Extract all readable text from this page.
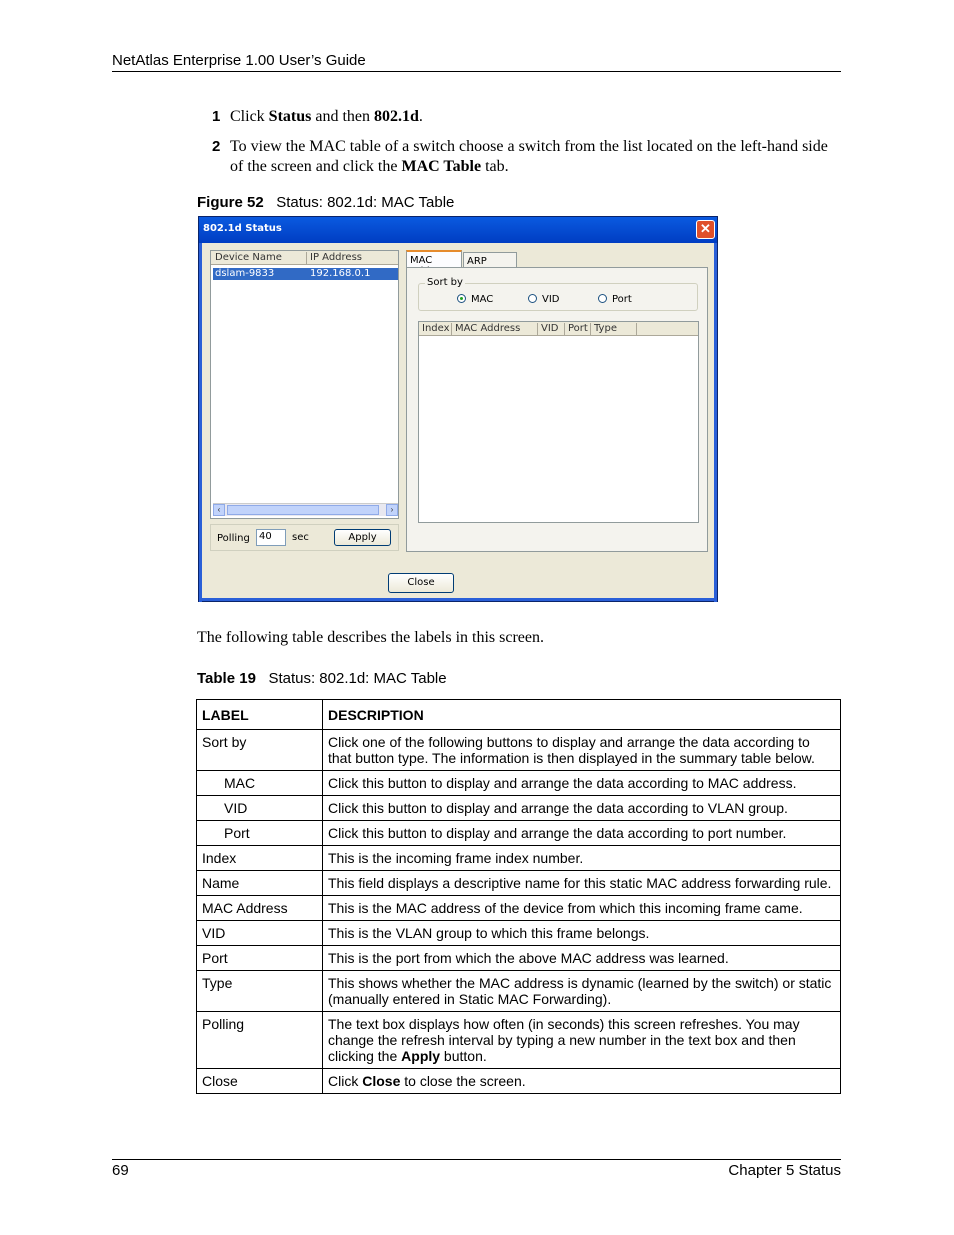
NetAtlas Enterprise 1.00 User’s Guide
1 Click Status and then 802.1d.
2 To view the MAC table of a switch choose a switch from the list located on the left-hand side of the screen and click the MAC Table tab.
Figure 52 Status: 802.1d: MAC Table
802.1d Status	✕
Device Name	IP Address
dslam-9833	192.168.0.1
‹	›
Polling 40	sec	Apply
MAC	ARP
Sort by
MAC	VID	Port
Index MAC Address	VID Port Type
Close
The following table describes the labels in this screen.
Table 19 Status: 802.1d: MAC Table
LABEL	DESCRIPTION
Sort by	Click one of the following buttons to display and arrange the data according to that button type. The information is then displayed in the summary table below.
MAC	Click this button to display and arrange the data according to MAC address.
VID	Click this button to display and arrange the data according to VLAN group.
Port	Click this button to display and arrange the data according to port number.
Index	This is the incoming frame index number.
Name	This field displays a descriptive name for this static MAC address forwarding rule.
MAC Address	This is the MAC address of the device from which this incoming frame came.
VID	This is the VLAN group to which this frame belongs.
Port	This is the port from which the above MAC address was learned.
Type	This shows whether the MAC address is dynamic (learned by the switch) or static (manually entered in Static MAC Forwarding).
Polling	The text box displays how often (in seconds) this screen refreshes. You may change the refresh interval by typing a new number in the text box and then clicking the Apply button.
Close	Click Close to close the screen.
69	Chapter 5 Status
